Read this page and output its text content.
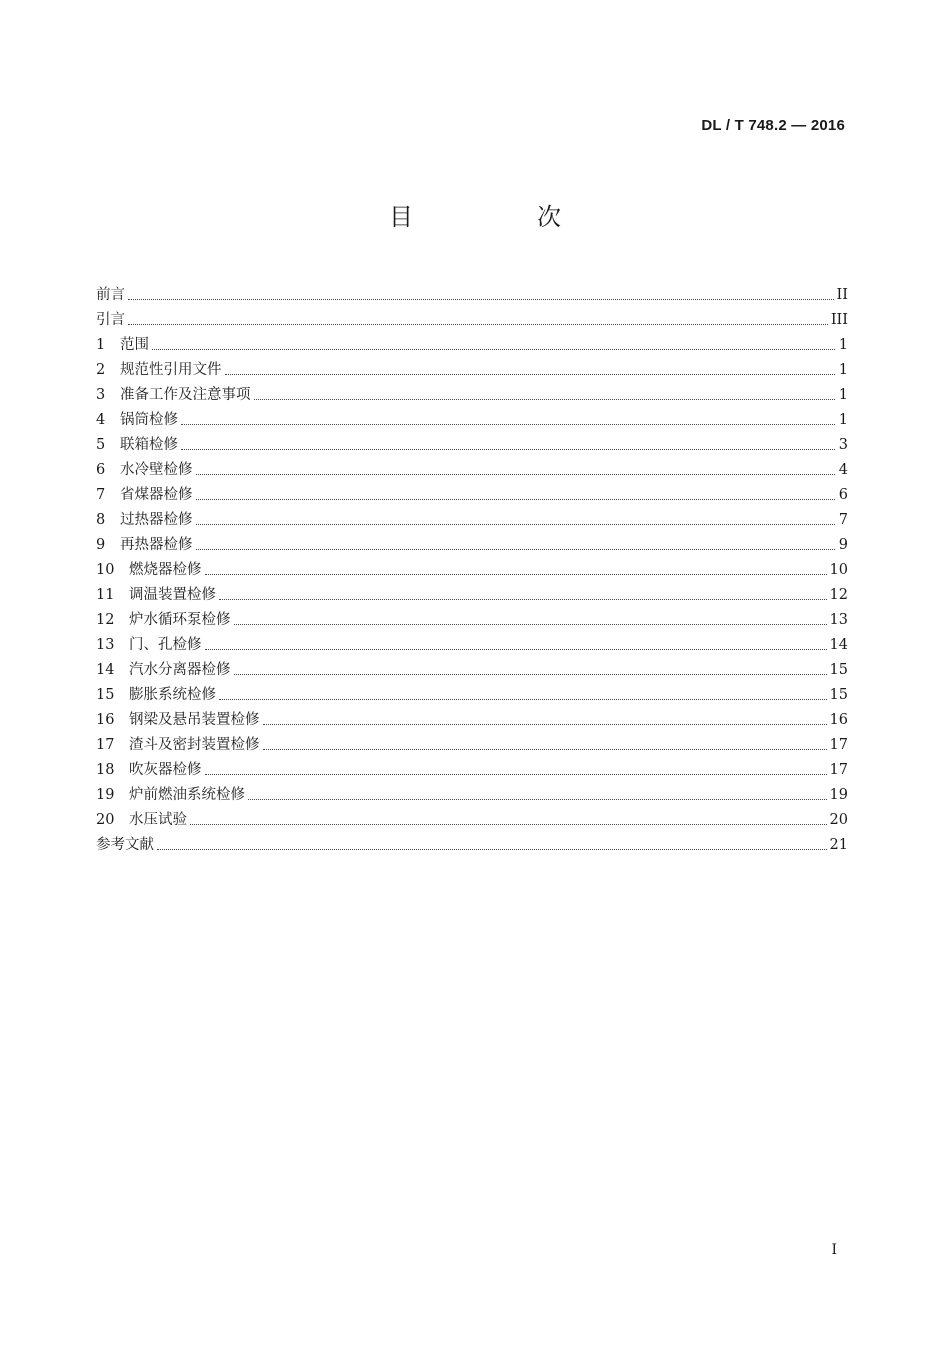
DL / T 748.2 — 2016
目　次
前言	II
引言	III
1	范围	1
2	规范性引用文件	1
3	准备工作及注意事项	1
4	锅筒检修	1
5	联箱检修	3
6	水冷壁检修	4
7	省煤器检修	6
8	过热器检修	7
9	再热器检修	9
10	燃烧器检修	10
11	调温装置检修	12
12	炉水循环泵检修	13
13	门、孔检修	14
14	汽水分离器检修	15
15	膨胀系统检修	15
16	钢梁及悬吊装置检修	16
17	渣斗及密封装置检修	17
18	吹灰器检修	17
19	炉前燃油系统检修	19
20	水压试验	20
参考文献	21
I
